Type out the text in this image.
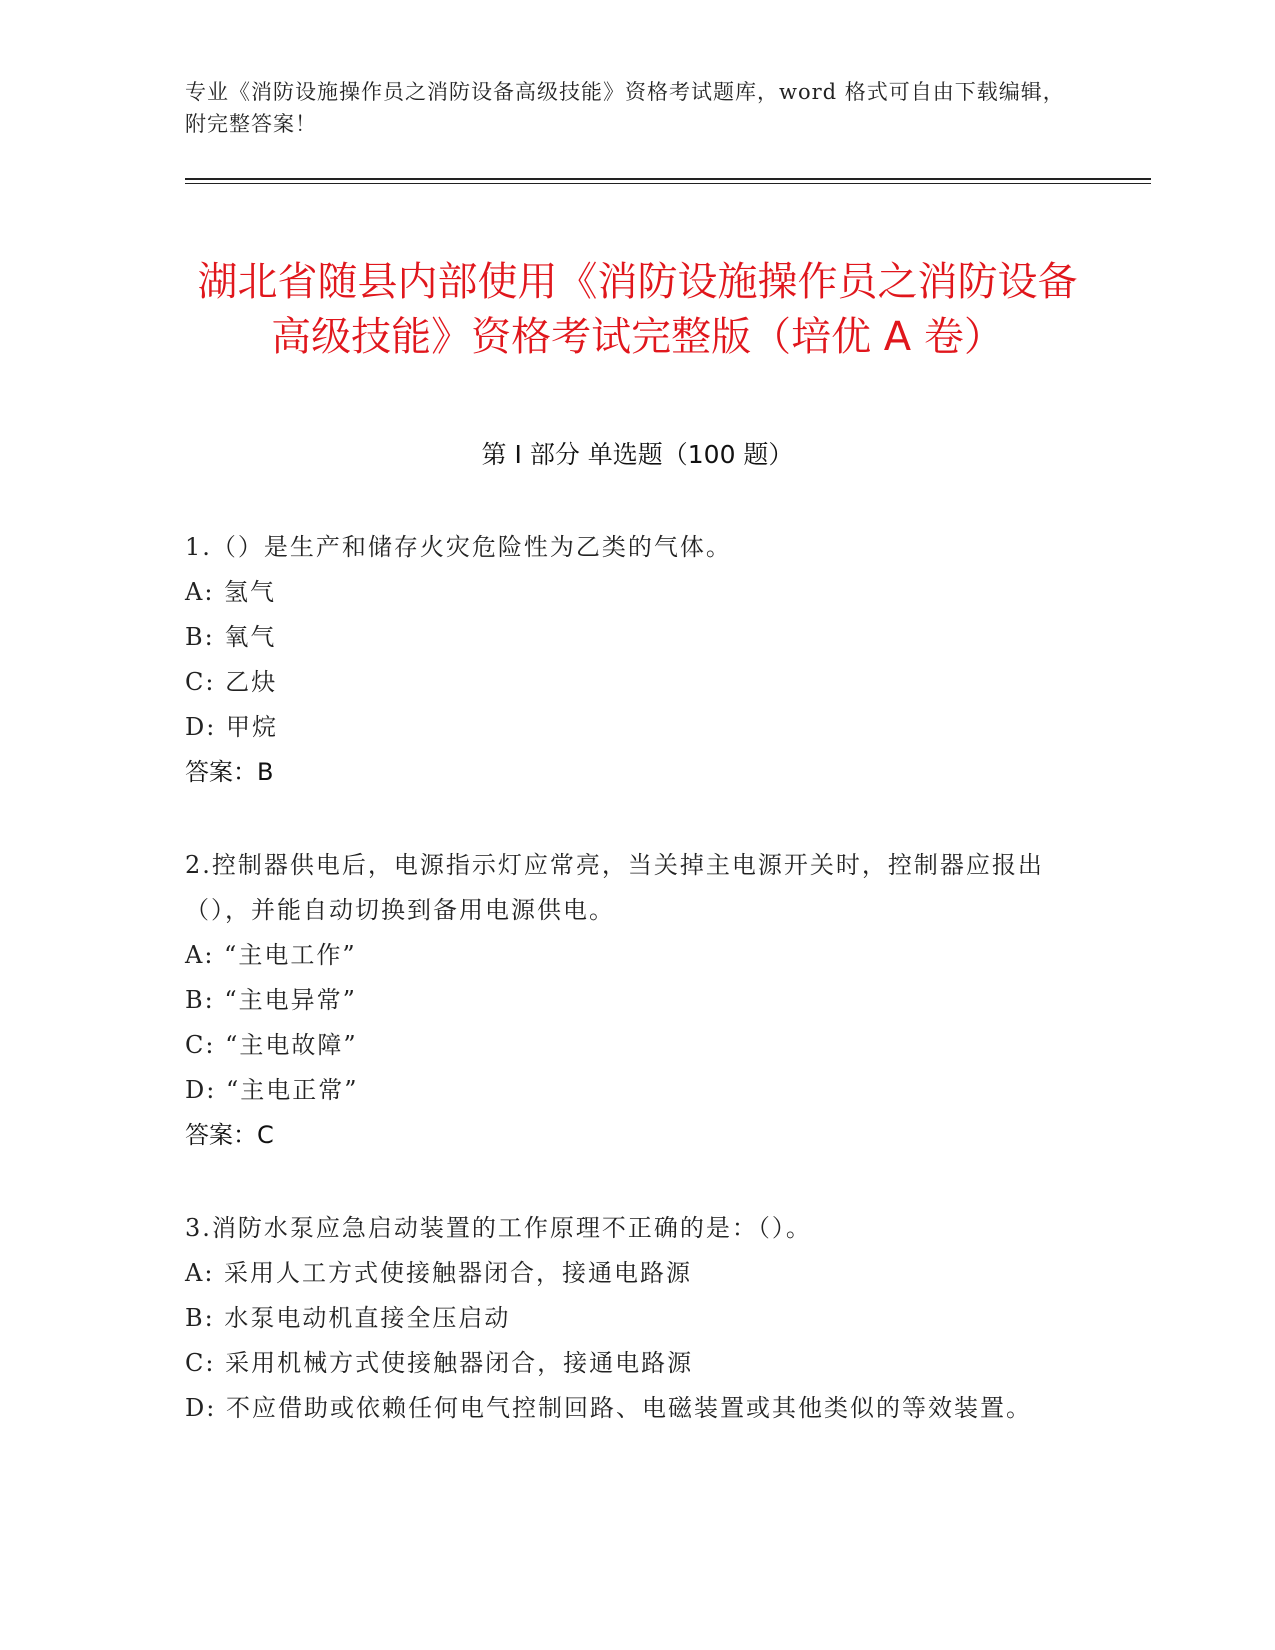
专业《消防设施操作员之消防设备高级技能》资格考试题库，word 格式可自由下载编辑，附完整答案！
湖北省随县内部使用《消防设施操作员之消防设备高级技能》资格考试完整版（培优 A 卷）
第 I 部分 单选题（100 题）
1.（）是生产和储存火灾危险性为乙类的气体。
A: 氢气
B: 氧气
C: 乙炔
D: 甲烷
答案：B
2.控制器供电后，电源指示灯应常亮，当关掉主电源开关时，控制器应报出（），并能自动切换到备用电源供电。
A: “主电工作”
B: “主电异常”
C: “主电故障”
D: “主电正常”
答案：C
3.消防水泵应急启动装置的工作原理不正确的是：（）。
A: 采用人工方式使接触器闭合，接通电路源
B: 水泵电动机直接全压启动
C: 采用机械方式使接触器闭合，接通电路源
D: 不应借助或依赖任何电气控制回路、电磁装置或其他类似的等效装置。
